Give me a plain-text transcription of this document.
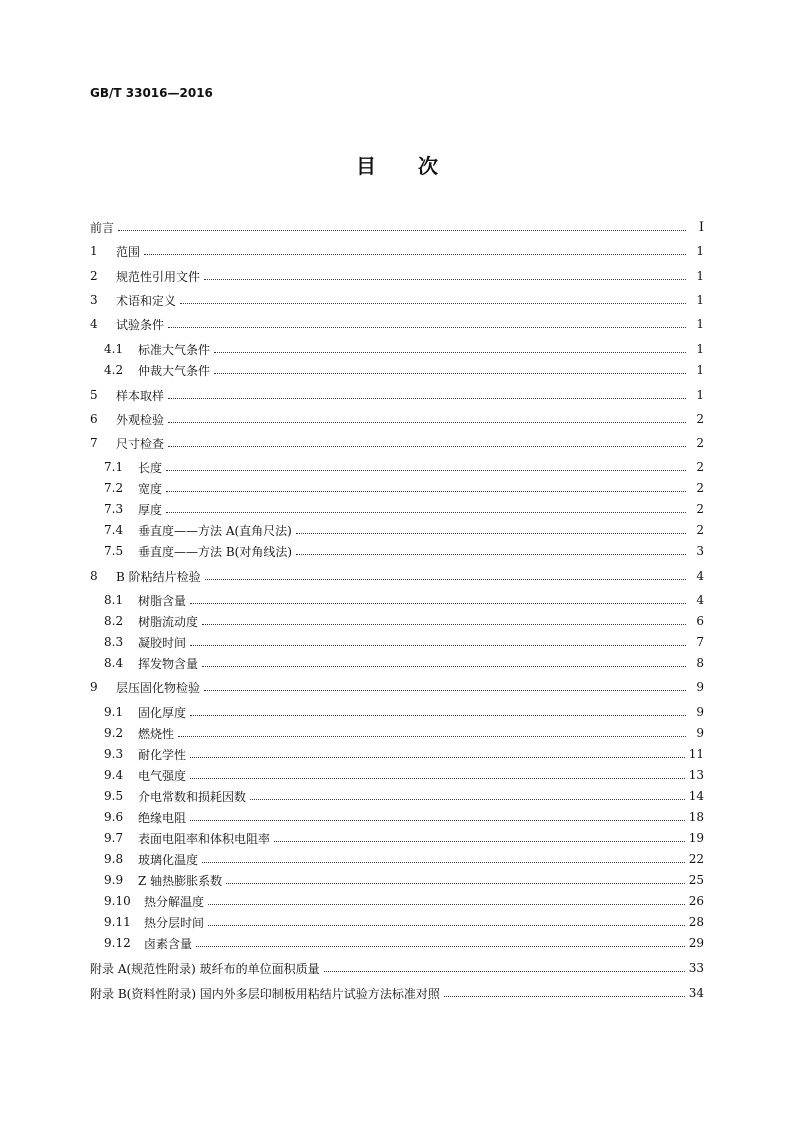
GB/T 33016—2016
目 次
前言	Ⅰ
1	范围	1
2	规范性引用文件	1
3	术语和定义	1
4	试验条件	1
4.1	标准大气条件	1
4.2	仲裁大气条件	1
5	样本取样	1
6	外观检验	2
7	尺寸检查	2
7.1	长度	2
7.2	宽度	2
7.3	厚度	2
7.4	垂直度——方法 A(直角尺法)	2
7.5	垂直度——方法 B(对角线法)	3
8	B 阶粘结片检验	4
8.1	树脂含量	4
8.2	树脂流动度	6
8.3	凝胶时间	7
8.4	挥发物含量	8
9	层压固化物检验	9
9.1	固化厚度	9
9.2	燃烧性	9
9.3	耐化学性	11
9.4	电气强度	13
9.5	介电常数和损耗因数	14
9.6	绝缘电阻	18
9.7	表面电阻率和体积电阻率	19
9.8	玻璃化温度	22
9.9	Z 轴热膨胀系数	25
9.10 热分解温度	26
9.11 热分层时间	28
9.12 卤素含量	29
附录 A(规范性附录) 玻纤布的单位面积质量	33
附录 B(资料性附录) 国内外多层印制板用粘结片试验方法标准对照	34
